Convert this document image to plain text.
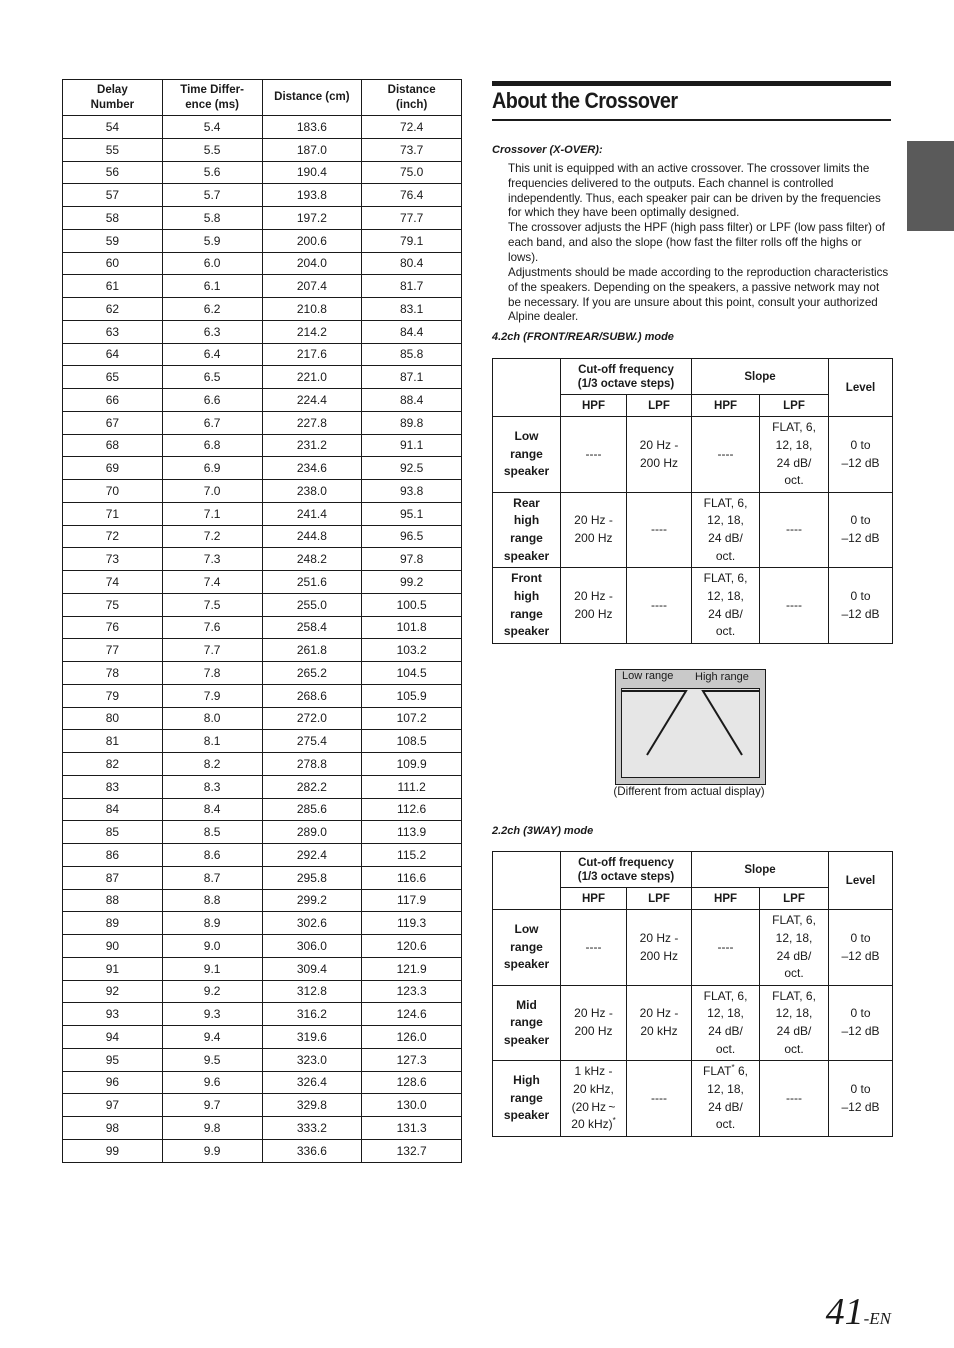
Delay
Number	Time Differ-
ence (ms)	Distance (cm)	Distance
(inch)
54	5.4	183.6	72.4
55	5.5	187.0	73.7
56	5.6	190.4	75.0
57	5.7	193.8	76.4
58	5.8	197.2	77.7
59	5.9	200.6	79.1
60	6.0	204.0	80.4
61	6.1	207.4	81.7
62	6.2	210.8	83.1
63	6.3	214.2	84.4
64	6.4	217.6	85.8
65	6.5	221.0	87.1
66	6.6	224.4	88.4
67	6.7	227.8	89.8
68	6.8	231.2	91.1
69	6.9	234.6	92.5
70	7.0	238.0	93.8
71	7.1	241.4	95.1
72	7.2	244.8	96.5
73	7.3	248.2	97.8
74	7.4	251.6	99.2
75	7.5	255.0	100.5
76	7.6	258.4	101.8
77	7.7	261.8	103.2
78	7.8	265.2	104.5
79	7.9	268.6	105.9
80	8.0	272.0	107.2
81	8.1	275.4	108.5
82	8.2	278.8	109.9
83	8.3	282.2	111.2
84	8.4	285.6	112.6
85	8.5	289.0	113.9
86	8.6	292.4	115.2
87	8.7	295.8	116.6
88	8.8	299.2	117.9
89	8.9	302.6	119.3
90	9.0	306.0	120.6
91	9.1	309.4	121.9
92	9.2	312.8	123.3
93	9.3	316.2	124.6
94	9.4	319.6	126.0
95	9.5	323.0	127.3
96	9.6	326.4	128.6
97	9.7	329.8	130.0
98	9.8	333.2	131.3
99	9.9	336.6	132.7
About the Crossover
Crossover (X-OVER):
This unit is equipped with an active crossover. The crossover limits the frequencies delivered to the outputs. Each channel is controlled independently. Thus, each speaker pair can be driven by the frequencies for which they have been optimally designed.
The crossover adjusts the HPF (high pass filter) or LPF (low pass filter) of each band, and also the slope (how fast the filter rolls off the highs or lows).
Adjustments should be made according to the reproduction characteristics of the speakers. Depending on the speakers, a passive network may not be necessary. If you are unsure about this point, consult your authorized Alpine dealer.
4.2ch (FRONT/REAR/SUBW.) mode
	Cut-off frequency
(1/3 octave steps)		Slope		Level
	HPF	LPF	HPF	LPF	
Low
range
speaker	----	20 Hz -
200 Hz	----	FLAT, 6,
12, 18,
24 dB/
oct.	0 to
–12 dB
Rear
high
range
speaker	20 Hz -
200 Hz	----	FLAT, 6,
12, 18,
24 dB/
oct.	----	0 to
–12 dB
Front
high
range
speaker	20 Hz -
200 Hz	----	FLAT, 6,
12, 18,
24 dB/
oct.	----	0 to
–12 dB
Low range High range
(Different from actual display)
2.2ch (3WAY) mode
	Cut-off frequency
(1/3 octave steps)		Slope		Level
	HPF	LPF	HPF	LPF	
Low
range
speaker	----	20 Hz -
200 Hz	----	FLAT, 6,
12, 18,
24 dB/
oct.	0 to
–12 dB
Mid
range
speaker	20 Hz -
200 Hz	20 Hz -
20 kHz	FLAT, 6,
12, 18,
24 dB/
oct.	FLAT, 6,
12, 18,
24 dB/
oct.	0 to
–12 dB
High
range
speaker	1 kHz -
20 kHz,
(20 Hz ~
20 kHz)*	----	FLAT* 6,
12, 18,
24 dB/
oct.	----	0 to
–12 dB
41-EN
